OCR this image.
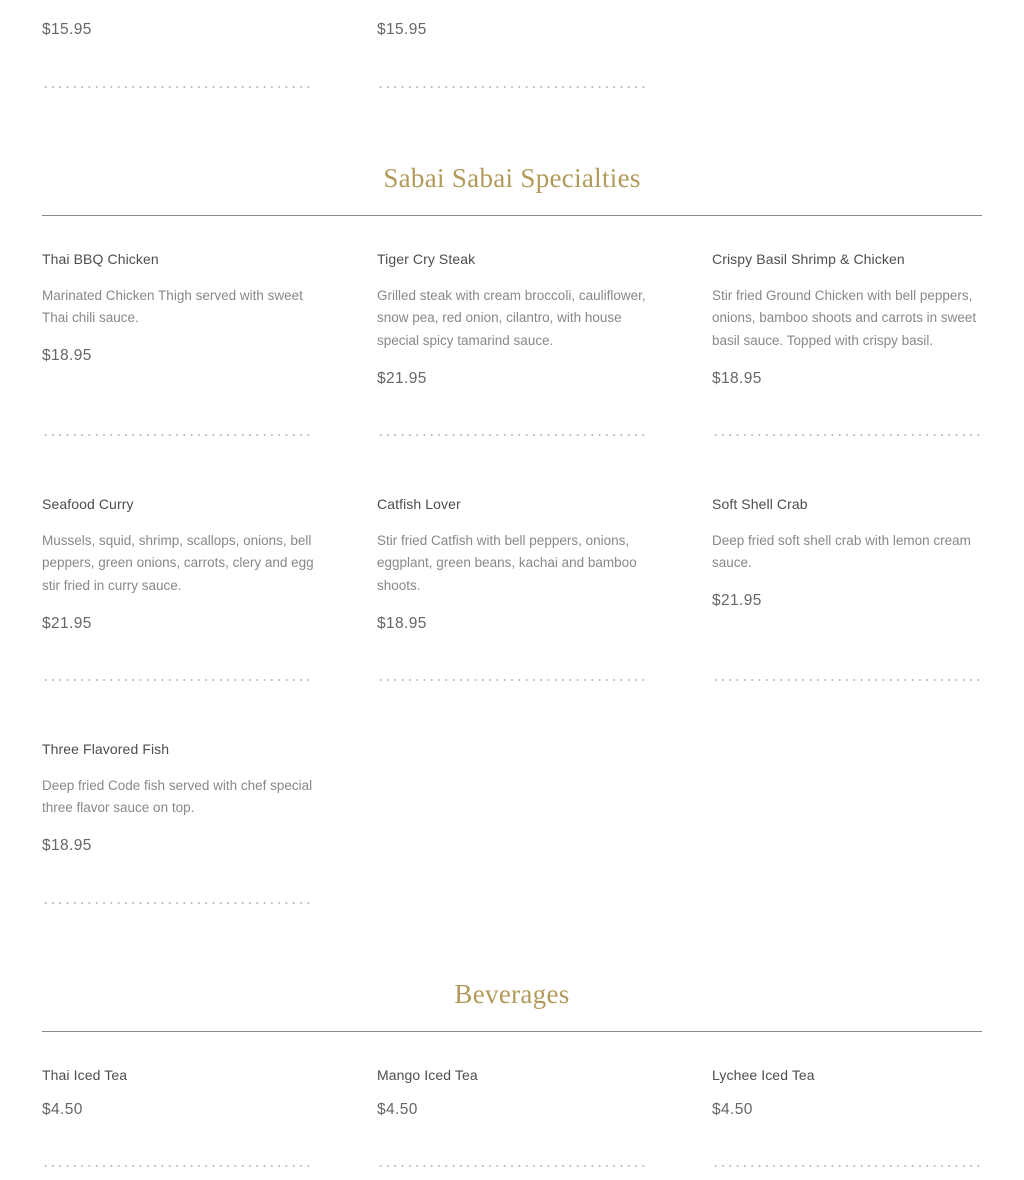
$15.95	$15.95
Sabai Sabai Specialties
Thai BBQ Chicken
Marinated Chicken Thigh served with sweet Thai chili sauce.
$18.95
Tiger Cry Steak
Grilled steak with cream broccoli, cauliflower, snow pea, red onion, cilantro, with house special spicy tamarind sauce.
$21.95
Crispy Basil Shrimp & Chicken
Stir fried Ground Chicken with bell peppers, onions, bamboo shoots and carrots in sweet basil sauce. Topped with crispy basil.
$18.95
Seafood Curry
Mussels, squid, shrimp, scallops, onions, bell peppers, green onions, carrots, clery and egg stir fried in curry sauce.
$21.95
Catfish Lover
Stir fried Catfish with bell peppers, onions, eggplant, green beans, kachai and bamboo shoots.
$18.95
Soft Shell Crab
Deep fried soft shell crab with lemon cream sauce.
$21.95
Three Flavored Fish
Deep fried Code fish served with chef special three flavor sauce on top.
$18.95
Beverages
Thai Iced Tea
$4.50
Mango Iced Tea
$4.50
Lychee Iced Tea
$4.50
